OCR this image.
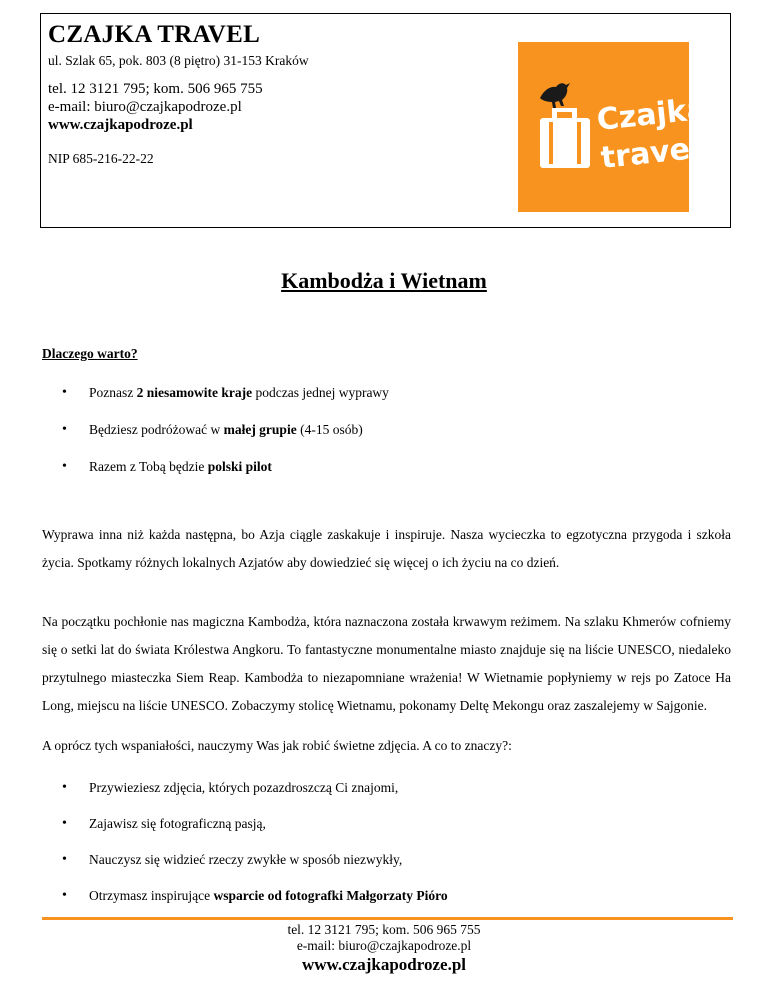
CZAJKA TRAVEL
ul. Szlak 65, pok. 803 (8 piętro) 31-153 Kraków
tel. 12 3121 795; kom. 506 965 755
e-mail: biuro@czajkapodroze.pl
www.czajkapodroze.pl
NIP 685-216-22-22
Czajka
travel
Kambodża i Wietnam
Dlaczego warto?
• Poznasz 2 niesamowite kraje podczas jednej wyprawy
• Będziesz podróżować w małej grupie (4-15 osób)
• Razem z Tobą będzie polski pilot

Wyprawa inna niż każda następna, bo Azja ciągle zaskakuje i inspiruje. Nasza wycieczka to egzotyczna przygoda i szkoła życia. Spotkamy różnych lokalnych Azjatów aby dowiedzieć się więcej o ich życiu na co dzień.

Na początku pochłonie nas magiczna Kambodża, która naznaczona została krwawym reżimem. Na szlaku Khmerów cofniemy się o setki lat do świata Królestwa Angkoru. To fantastyczne monumentalne miasto znajduje się na liście UNESCO, niedaleko przytulnego miasteczka Siem Reap. Kambodża to niezapomniane wrażenia! W Wietnamie popłyniemy w rejs po Zatoce Ha Long, miejscu na liście UNESCO. Zobaczymy stolicę Wietnamu, pokonamy Deltę Mekongu oraz zaszalejemy w Sajgonie.

A oprócz tych wspaniałości, nauczymy Was jak robić świetne zdjęcia. A co to znaczy?:

• Przywieziesz zdjęcia, których pozazdroszczą Ci znajomi,
• Zajawisz się fotograficzną pasją,
• Nauczysz się widzieć rzeczy zwykłe w sposób niezwykły,
• Otrzymasz inspirujące wsparcie od fotografki Małgorzaty Pióro
tel. 12 3121 795; kom. 506 965 755
e-mail: biuro@czajkapodroze.pl
www.czajkapodroze.pl
